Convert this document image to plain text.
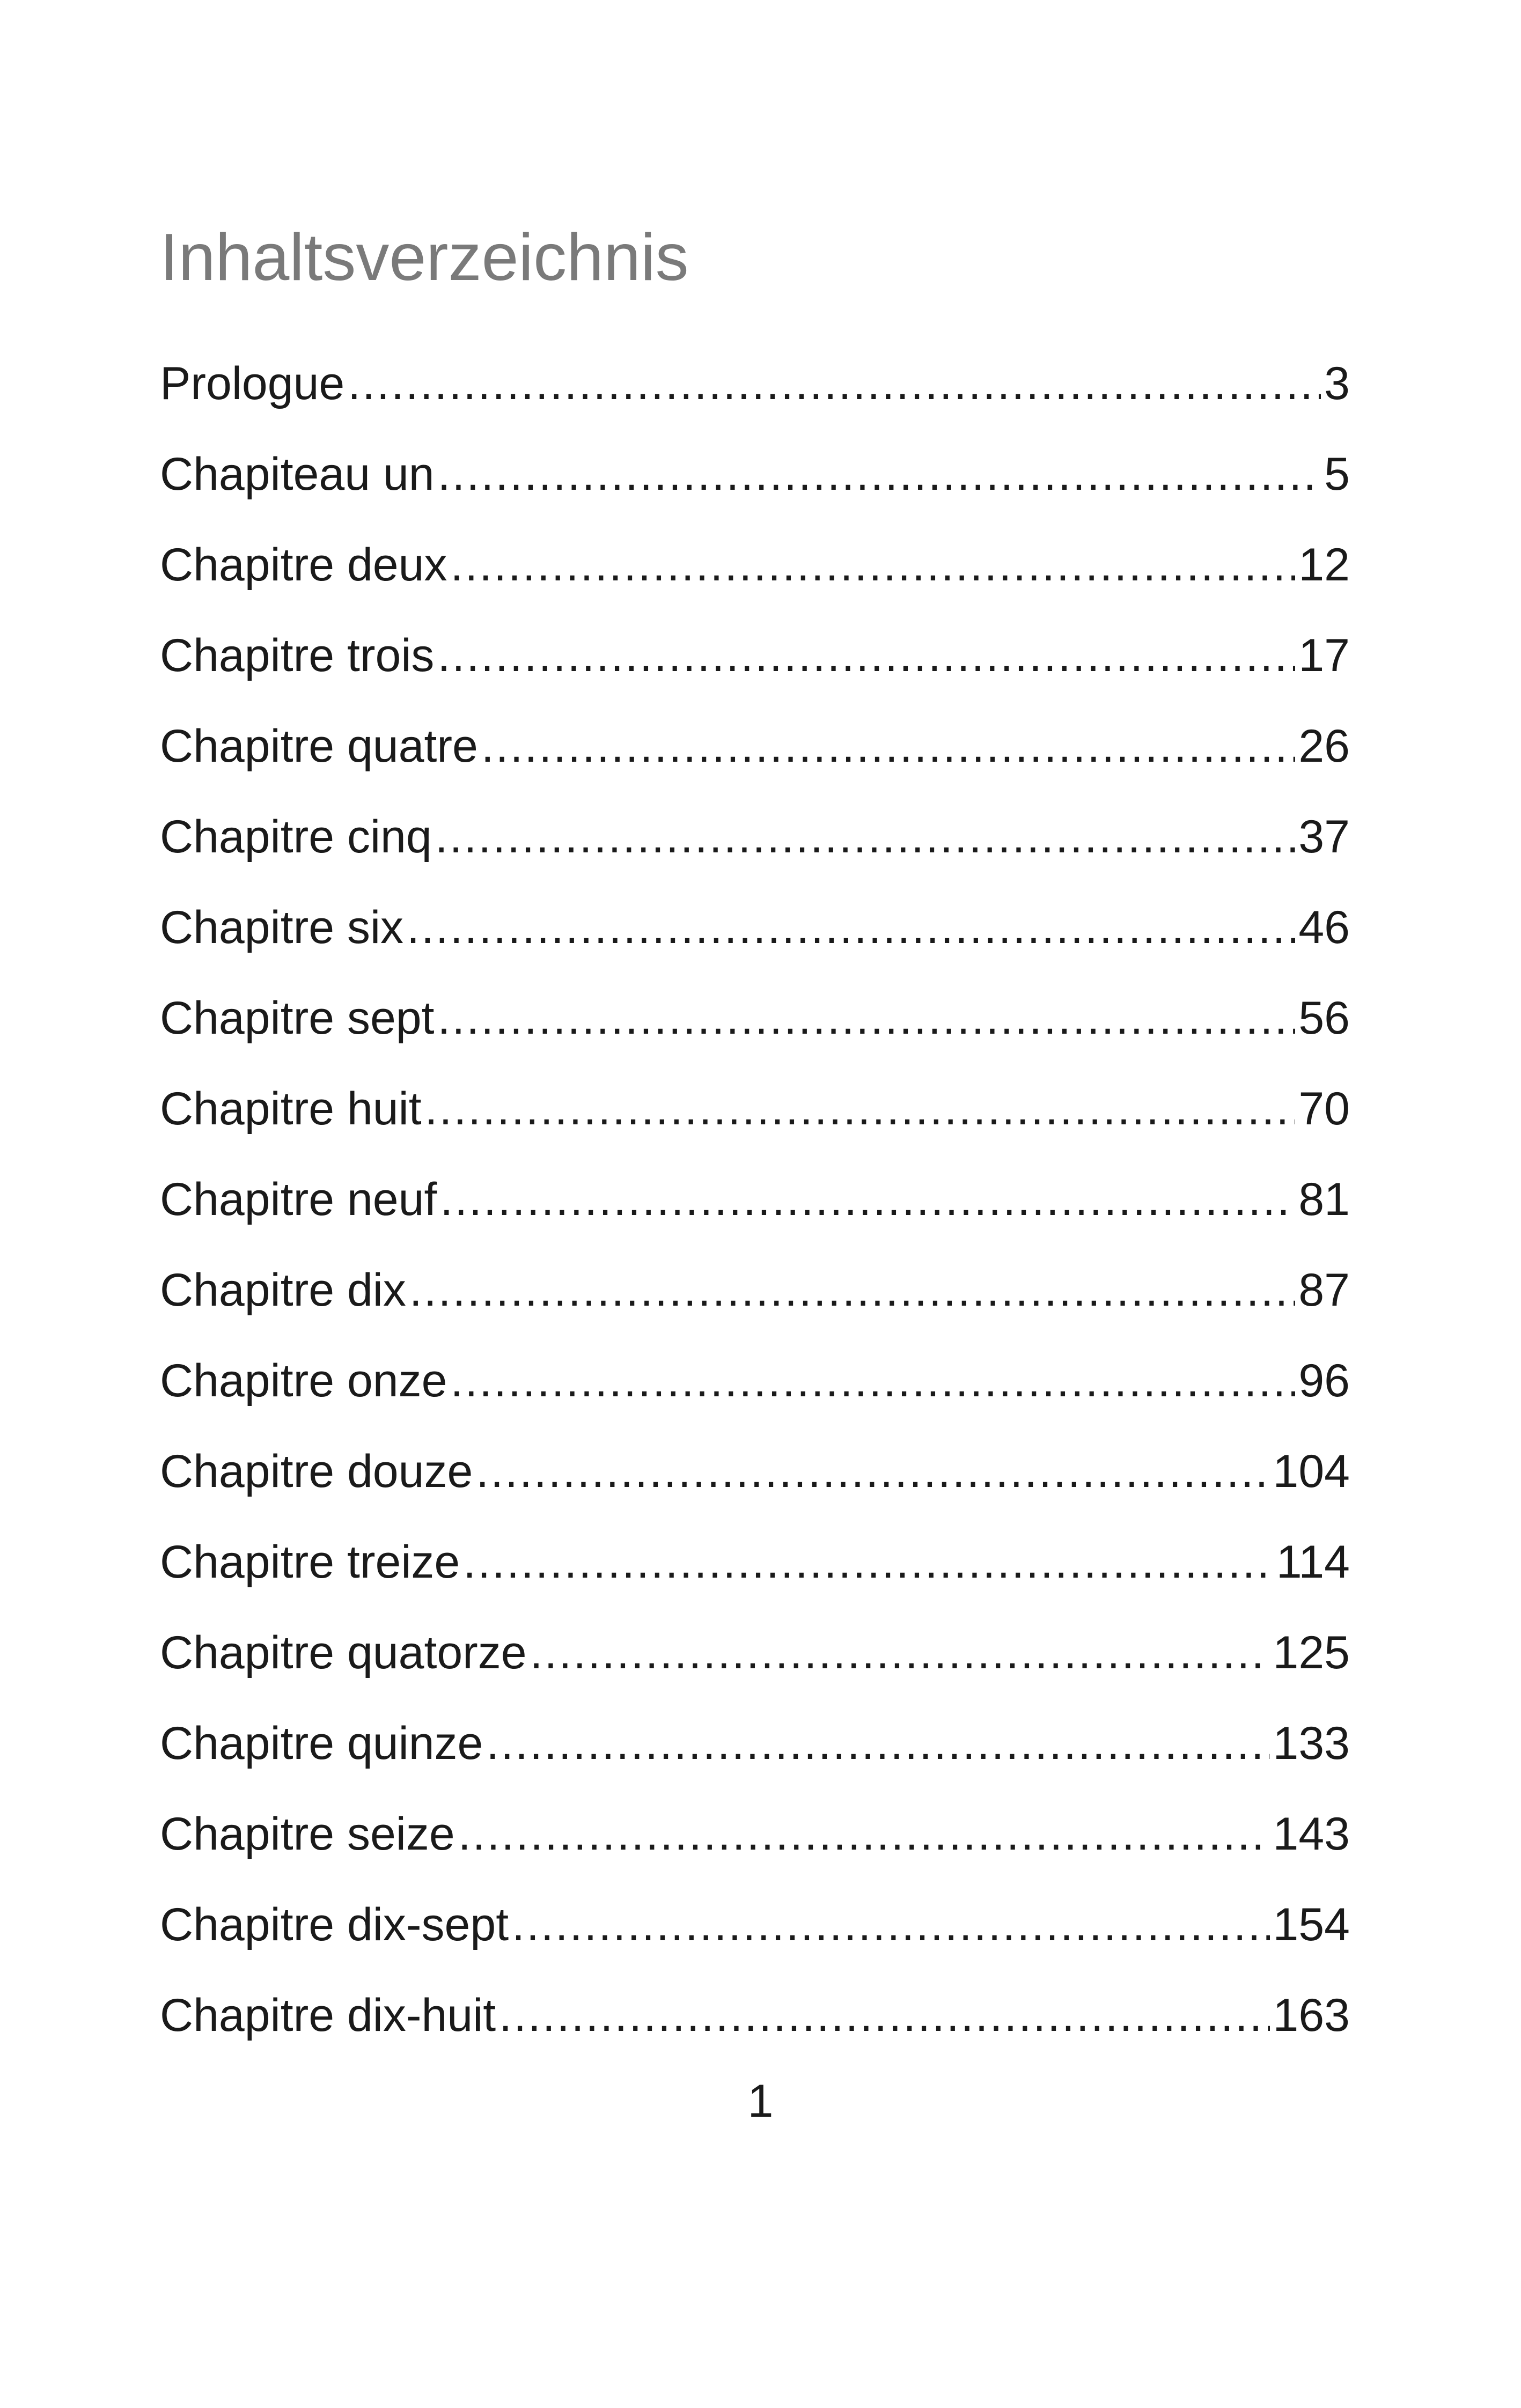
Inhaltsverzeichnis
Prologue .....	3
Chapiteau un .....	5
Chapitre deux .....	12
Chapitre trois .....	17
Chapitre quatre .....	26
Chapitre cinq .....	37
Chapitre six .....	46
Chapitre sept .....	56
Chapitre huit .....	70
Chapitre neuf .....	81
Chapitre dix .....	87
Chapitre onze .....	96
Chapitre douze .....	104
Chapitre treize .....	114
Chapitre quatorze .....	125
Chapitre quinze .....	133
Chapitre seize .....	143
Chapitre dix-sept .....	154
Chapitre dix-huit .....	163
1
